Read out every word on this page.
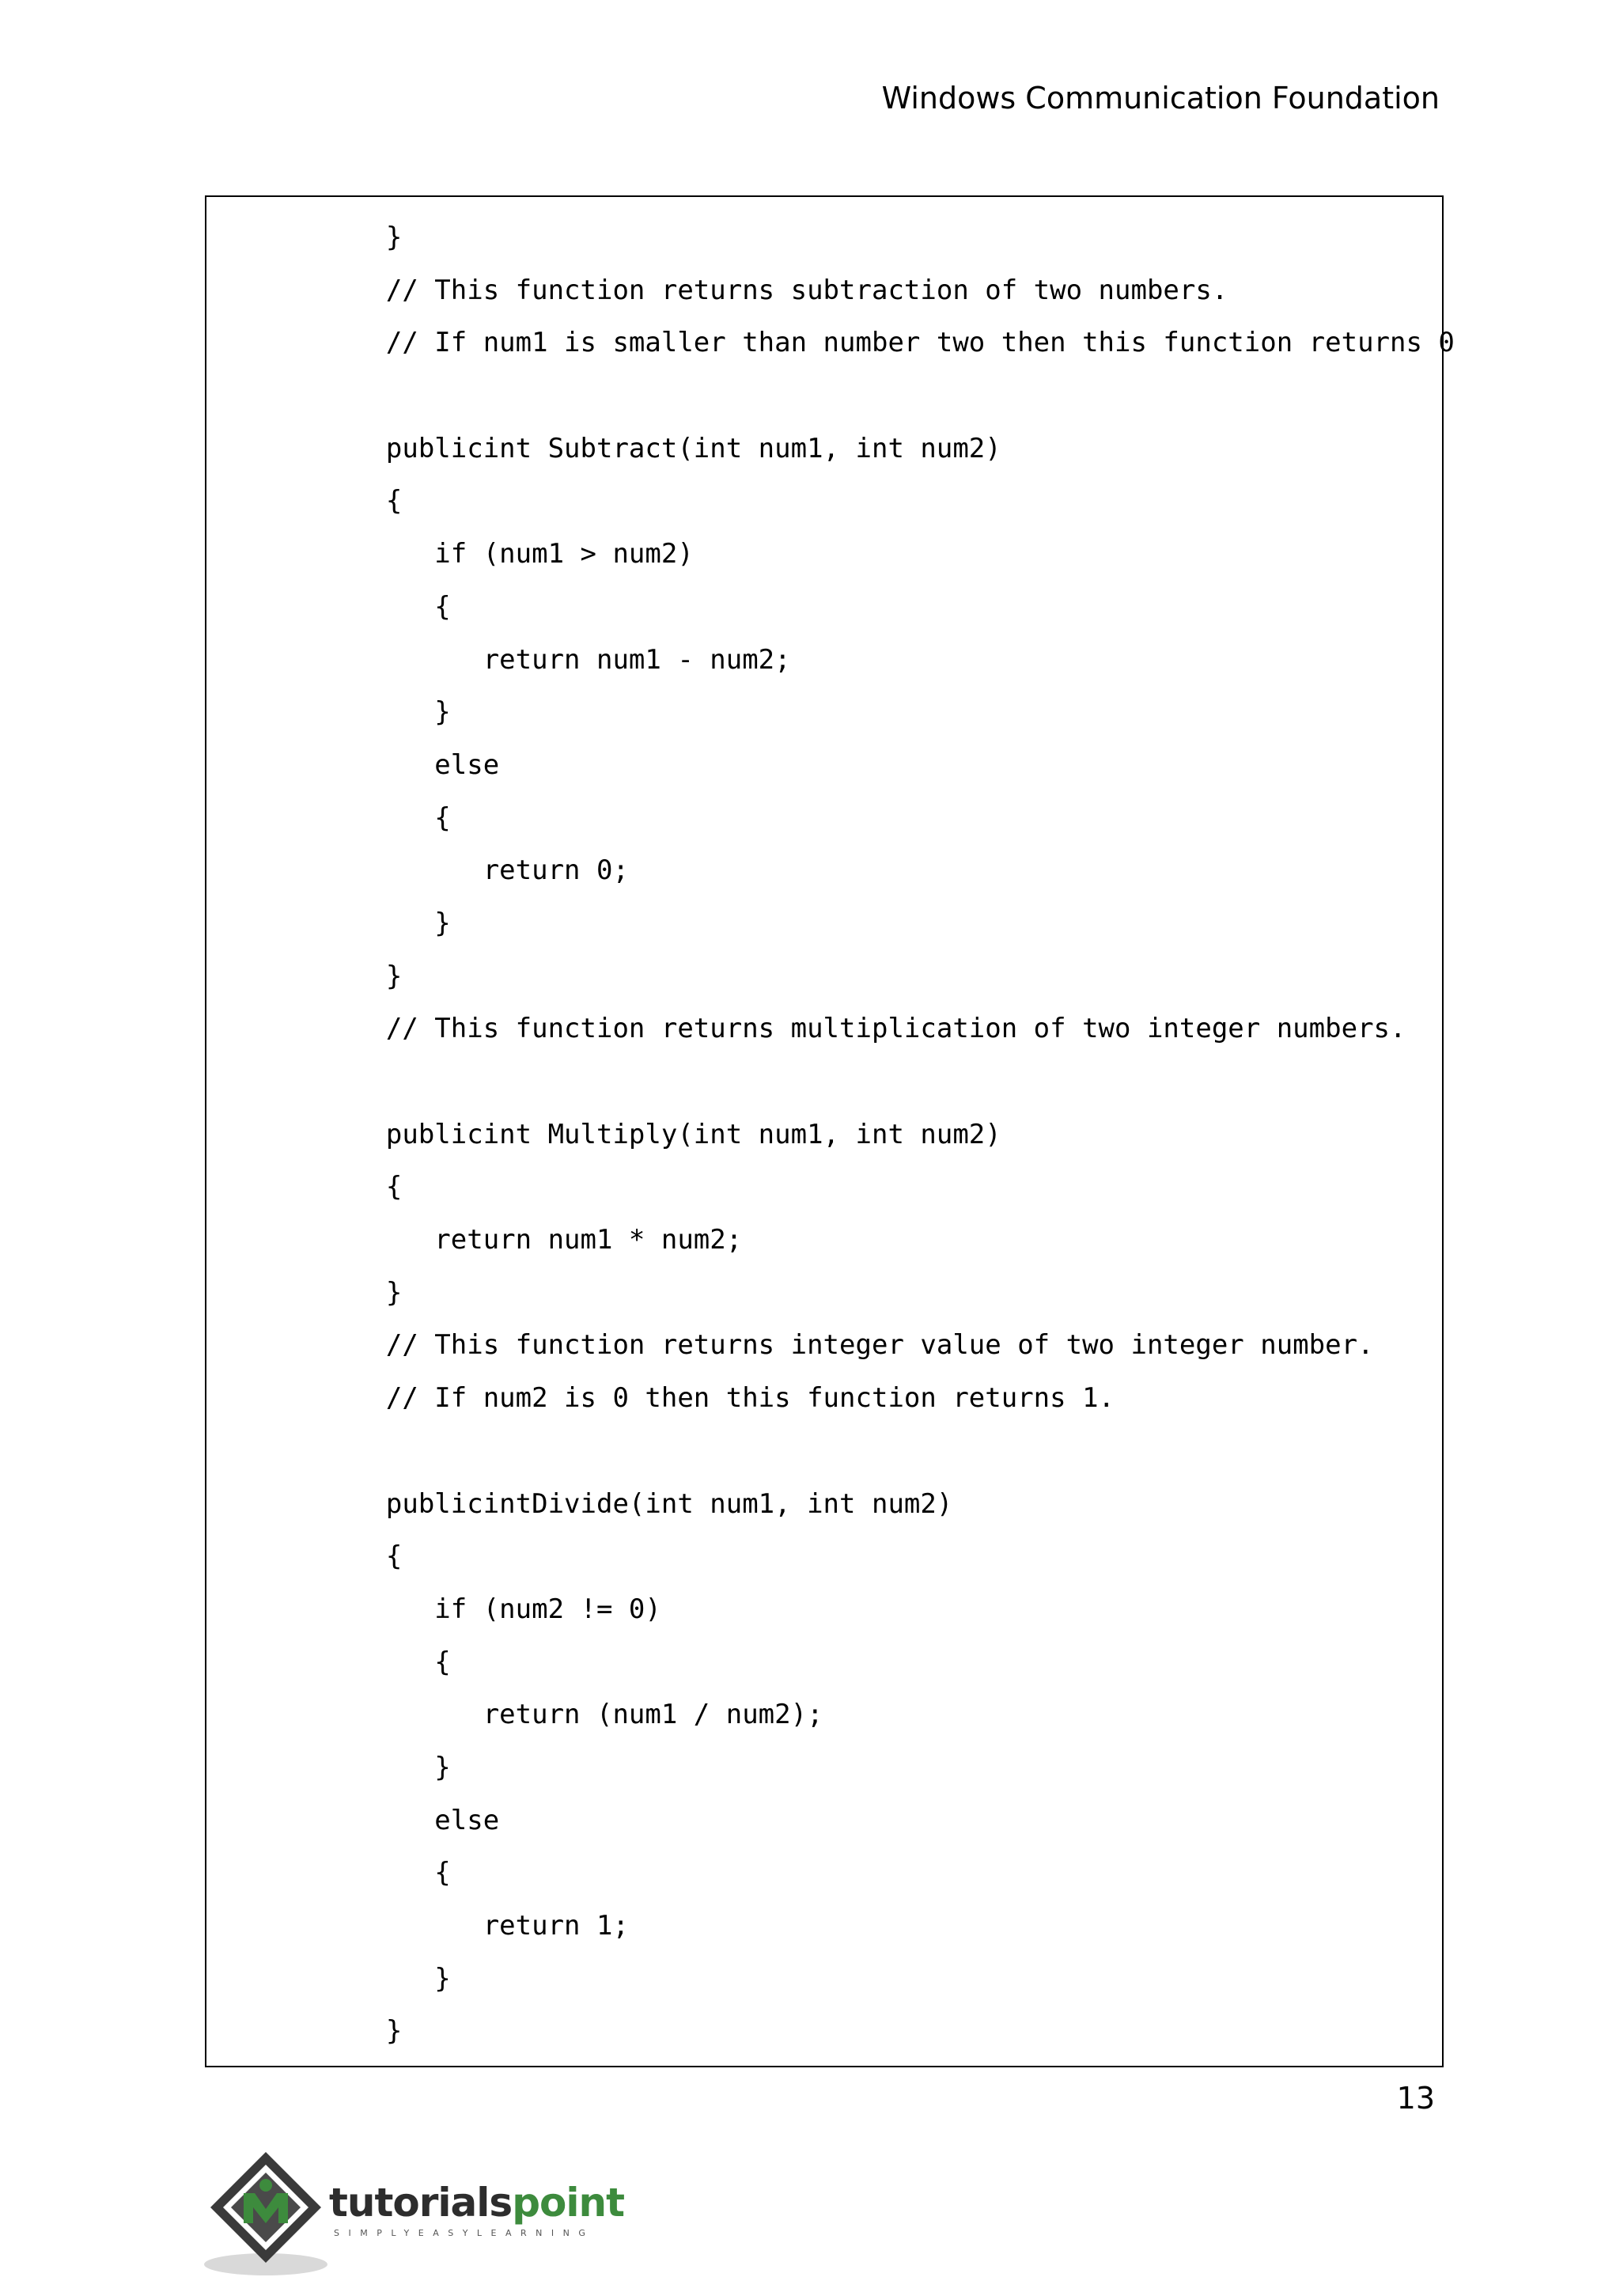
Windows Communication Foundation
}
// This function returns subtraction of two numbers.
// If num1 is smaller than number two then this function returns 0
publicint Subtract(int num1, int num2)
{
if (num1 > num2)
{
return num1 - num2;
}
else
{
return 0;
}
}
// This function returns multiplication of two integer numbers.
publicint Multiply(int num1, int num2)
{
return num1 * num2;
}
// This function returns integer value of two integer number.
// If num2 is 0 then this function returns 1.
publicintDivide(int num1, int num2)
{
if (num2 != 0)
{
return (num1 / num2);
}
else
{
return 1;
}
}
13
tutorialspoint
SIMPLYEASYLEARNING
